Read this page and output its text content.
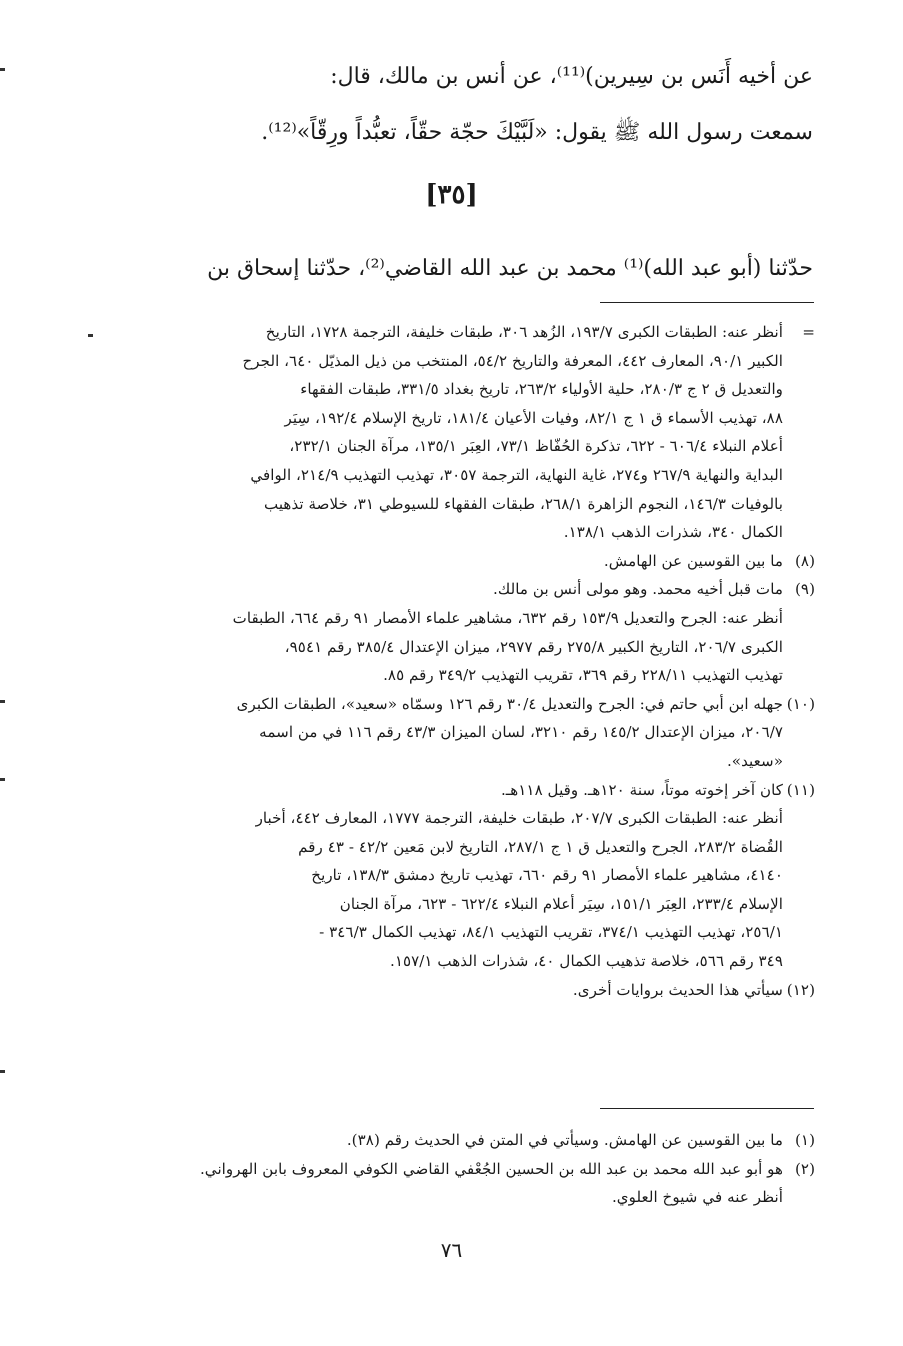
عن أخيه أَنَس بن سِيرين)⁽¹¹⁾، عن أنس بن مالك، قال:
سمعت رسول الله ﷺ يقول: «لَبَّيْكَ حجّة حقّاً، تعبُّداً ورِقّاً»⁽¹²⁾.
[٣٥]
حدّثنا (أبو عبد الله)⁽¹⁾ محمد بن عبد الله القاضي⁽²⁾، حدّثنا إسحاق بن
=

أنظر عنه: الطبقات الكبرى ١٩٣/٧، الزُهد ٣٠٦، طبقات خليفة، الترجمة ١٧٢٨، التاريخ

الكبير ٩٠/١، المعارف ٤٤٢، المعرفة والتاريخ ٥٤/٢، المنتخب من ذيل المذيّل ٦٤٠، الجرح

والتعديل ق ٢ ج ٢٨٠/٣، حلية الأولياء ٢٦٣/٢، تاريخ بغداد ٣٣١/٥، طبقات الفقهاء

٨٨، تهذيب الأسماء ق ١ ج ٨٢/١، وفيات الأعيان ١٨١/٤، تاريخ الإسلام ١٩٢/٤، سِيَر

أعلام النبلاء ٦٠٦/٤ - ٦٢٢، تذكرة الحُفّاظ ٧٣/١، العِبَر ١٣٥/١، مرآة الجنان ٢٣٢/١،

البداية والنهاية ٢٦٧/٩ و٢٧٤، غاية النهاية، الترجمة ٣٠٥٧، تهذيب التهذيب ٢١٤/٩، الوافي

بالوفيات ١٤٦/٣، النجوم الزاهرة ٢٦٨/١، طبقات الفقهاء للسيوطي ٣١، خلاصة تذهيب

الكمال ٣٤٠، شذرات الذهب ١٣٨/١.

(٨)

ما بين القوسين عن الهامش.

(٩)

مات قبل أخيه محمد. وهو مولى أنس بن مالك.

أنظر عنه: الجرح والتعديل ١٥٣/٩ رقم ٦٣٢، مشاهير علماء الأمصار ٩١ رقم ٦٦٤، الطبقات

الكبرى ٢٠٦/٧، التاريخ الكبير ٢٧٥/٨ رقم ٢٩٧٧، ميزان الإعتدال ٣٨٥/٤ رقم ٩٥٤١،

تهذيب التهذيب ٢٢٨/١١ رقم ٣٦٩، تقريب التهذيب ٣٤٩/٢ رقم ٨٥.

(١٠)

جهله ابن أبي حاتم في: الجرح والتعديل ٣٠/٤ رقم ١٢٦ وسمّاه «سعيد»، الطبقات الكبرى

٢٠٦/٧، ميزان الإعتدال ١٤٥/٢ رقم ٣٢١٠، لسان الميزان ٤٣/٣ رقم ١١٦ في من اسمه

«سعيد».

(١١)

كان آخر إخوته موتاً، سنة ١٢٠هـ. وقيل ١١٨هـ.

أنظر عنه: الطبقات الكبرى ٢٠٧/٧، طبقات خليفة، الترجمة ١٧٧٧، المعارف ٤٤٢، أخبار

القُضاة ٢٨٣/٢، الجرح والتعديل ق ١ ج ٢٨٧/١، التاريخ لابن مَعين ٤٢/٢ - ٤٣ رقم

٤١٤٠، مشاهير علماء الأمصار ٩١ رقم ٦٦٠، تهذيب تاريخ دمشق ١٣٨/٣، تاريخ

الإسلام ٢٣٣/٤، العِبَر ١٥١/١، سِيَر أعلام النبلاء ٦٢٢/٤ - ٦٢٣، مرآة الجنان

٢٥٦/١، تهذيب التهذيب ٣٧٤/١، تقريب التهذيب ٨٤/١، تهذيب الكمال ٣٤٦/٣ -

٣٤٩ رقم ٥٦٦، خلاصة تذهيب الكمال ٤٠، شذرات الذهب ١٥٧/١.

(١٢)

سيأتي هذا الحديث بروايات أخرى.

(١)

ما بين القوسين عن الهامش. وسيأتي في المتن في الحديث رقم (٣٨).

(٢)

هو أبو عبد الله محمد بن عبد الله بن الحسين الجُعْفي القاضي الكوفي المعروف بابن الهرواني.

أنظر عنه في شيوخ العلوي.

٧٦
